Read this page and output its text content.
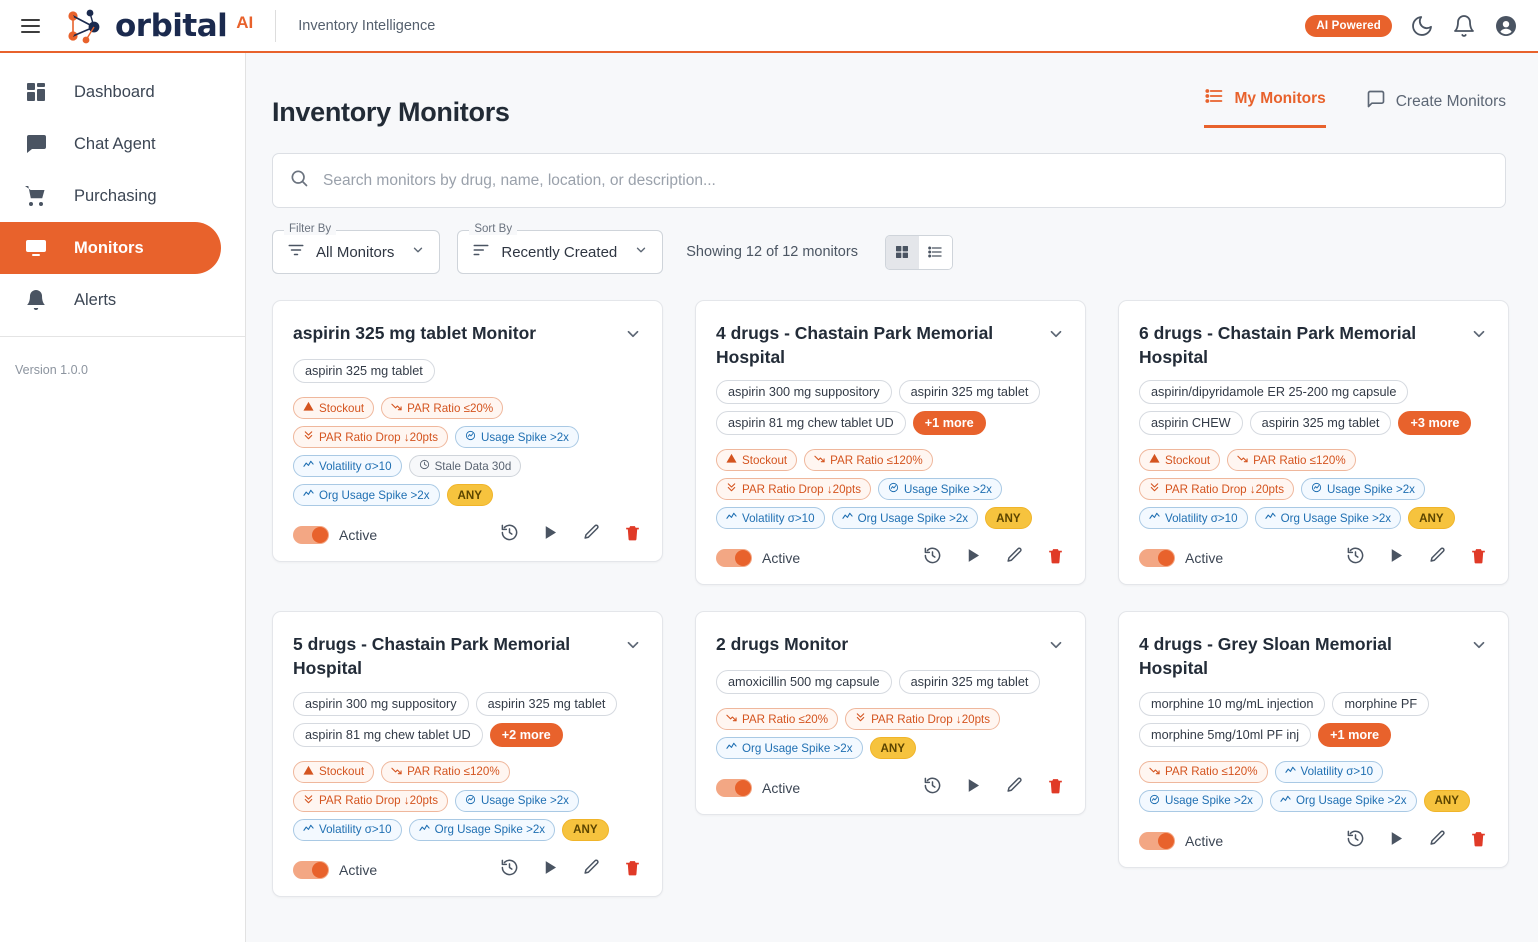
orbital AI	Inventory Intelligence	AI Powered
Dashboard
Chat Agent
Purchasing
Monitors
Alerts
Version 1.0.0
Inventory Monitors	My Monitors	Create Monitors
Search monitors by drug, name, location, or description...
Filter By
All Monitors
Sort By
Recently Created	Showing 12 of 12 monitors
aspirin 325 mg tablet Monitor
aspirin 325 mg tablet
Stockout	PAR Ratio ≤20%
PAR Ratio Drop ↓20pts	Usage Spike >2x
Volatility σ>10	Stale Data 30d
Org Usage Spike >2x ANY
Active
4 drugs - Chastain Park Memorial Hospital
aspirin 300 mg suppository	aspirin 325 mg tablet
aspirin 81 mg chew tablet UD	+1 more
Stockout	PAR Ratio ≤120%
PAR Ratio Drop ↓20pts	Usage Spike >2x
Volatility σ>10	Org Usage Spike >2x ANY
Active
6 drugs - Chastain Park Memorial Hospital
aspirin/dipyridamole ER 25-200 mg capsule
aspirin CHEW	aspirin 325 mg tablet	+3 more
Stockout	PAR Ratio ≤120%
PAR Ratio Drop ↓20pts	Usage Spike >2x
Volatility σ>10	Org Usage Spike >2x ANY
Active
5 drugs - Chastain Park Memorial Hospital
aspirin 300 mg suppository	aspirin 325 mg tablet
aspirin 81 mg chew tablet UD	+2 more
Stockout	PAR Ratio ≤120%
PAR Ratio Drop ↓20pts	Usage Spike >2x
Volatility σ>10	Org Usage Spike >2x ANY
Active
2 drugs Monitor
amoxicillin 500 mg capsule	aspirin 325 mg tablet
PAR Ratio ≤20%	PAR Ratio Drop ↓20pts
Org Usage Spike >2x ANY
Active
4 drugs - Grey Sloan Memorial Hospital
morphine 10 mg/mL injection	morphine PF
morphine 5mg/10ml PF inj	+1 more
PAR Ratio ≤120%	Volatility σ>10
Usage Spike >2x	Org Usage Spike >2x ANY
Active
